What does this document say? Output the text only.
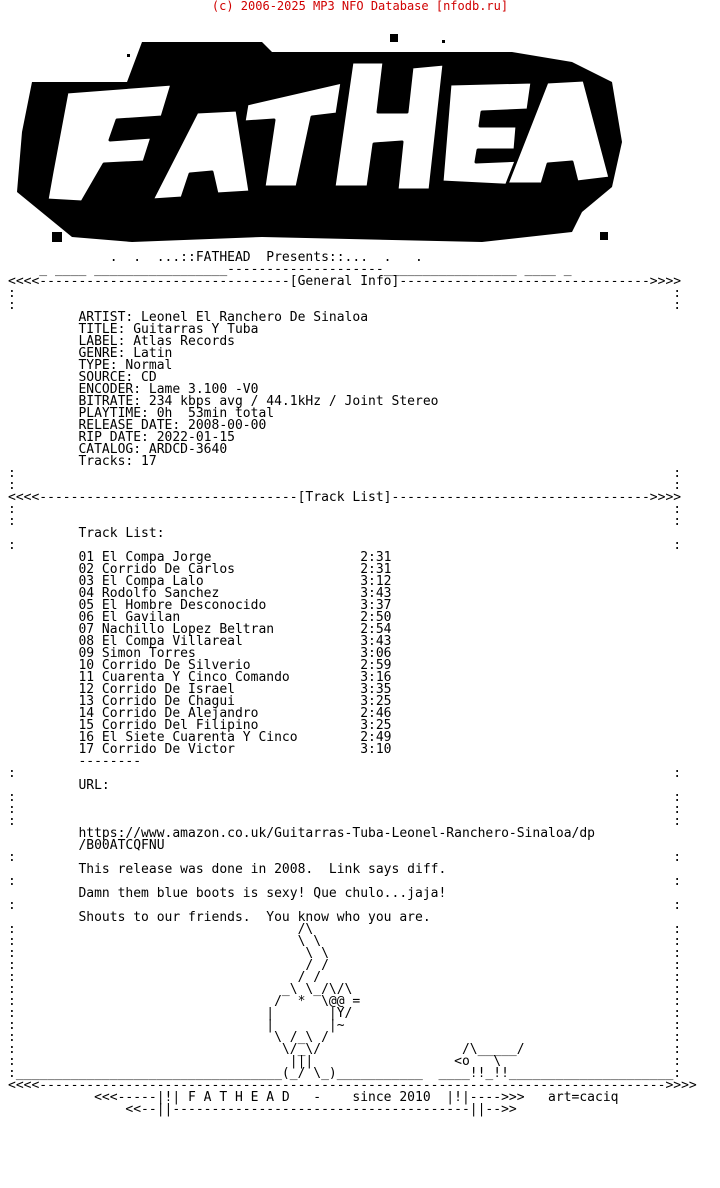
(c) 2006-2025 MP3 NFO Database [nfodb.ru]
FATHEAD
.  .  ...::FATHEAD  Presents::...  .   .
_ ____ _________________--------------------_________________ ____ _
<<<<--------------------------------[General Info]-------------------------------->>>>
:                                                                                    :
:                                                                                    :
ARTIST: Leonel El Ranchero De Sinaloa
TITLE: Guitarras Y Tuba
LABEL: Atlas Records
GENRE: Latin
TYPE: Normal
SOURCE: CD
ENCODER: Lame 3.100 -V0
BITRATE: 234 kbps avg / 44.1kHz / Joint Stereo
PLAYTIME: 0h  53min total
RELEASE DATE: 2008-00-00
RIP DATE: 2022-01-15
CATALOG: ARDCD-3640
Tracks: 17
:                                                                                    :
:                                                                                    :
<<<<---------------------------------[Track List]--------------------------------->>>>
:                                                                                    :
:                                                                                    :
Track List:
:                                                                                    :
01 El Compa Jorge                   2:31
02 Corrido De Carlos                2:31
03 El Compa Lalo                    3:12
04 Rodolfo Sanchez                  3:43
05 El Hombre Desconocido            3:37
06 El Gavilan                       2:50
07 Nachillo Lopez Beltran           2:54
08 El Compa Villareal               3:43
09 Simon Torres                     3:06
10 Corrido De Silverio              2:59
11 Cuarenta Y Cinco Comando         3:16
12 Corrido De Israel                3:35
13 Corrido De Chagui                3:25
14 Corrido De Alejandro             2:46
15 Corrido Del Filipino             3:25
16 El Siete Cuarenta Y Cinco        2:49
17 Corrido De Victor                3:10
--------
:                                                                                    :
URL:
:                                                                                    :
:                                                                                    :
:                                                                                    :
https://www.amazon.co.uk/Guitarras-Tuba-Leonel-Ranchero-Sinaloa/dp
/B00ATCQFNU
:                                                                                    :
This release was done in 2008.  Link says diff.
:                                                                                    :
Damn them blue boots is sexy! Que chulo...jaja!
:                                                                                    :
Shouts to our friends.  You know who you are.
:                                    /\                                              :
:                                    \ \                                             :
:                                     \ \                                            :
:                                     / /                                            :
:                                    / /                                             :
:                                  _\ \_/\/\                                         :
:                                 /  *  \@@ =                                        :
:                                |       |Y/                                         :
:                                |       |~                                          :
:                                 \ /_\ /                                            :
:                                  \/_\/                  /\_____/                   :
:                                   |||                  <o   \                      :
:__________________________________(_/ \_)___________  ____!!_!!_____________________:
<<<<-------------------------------------------------------------------------------->>>>
<<<-----|!| F A T H E A D   -    since 2010  |!|---->>>   art=caciq
<<--||--------------------------------------||-->>
